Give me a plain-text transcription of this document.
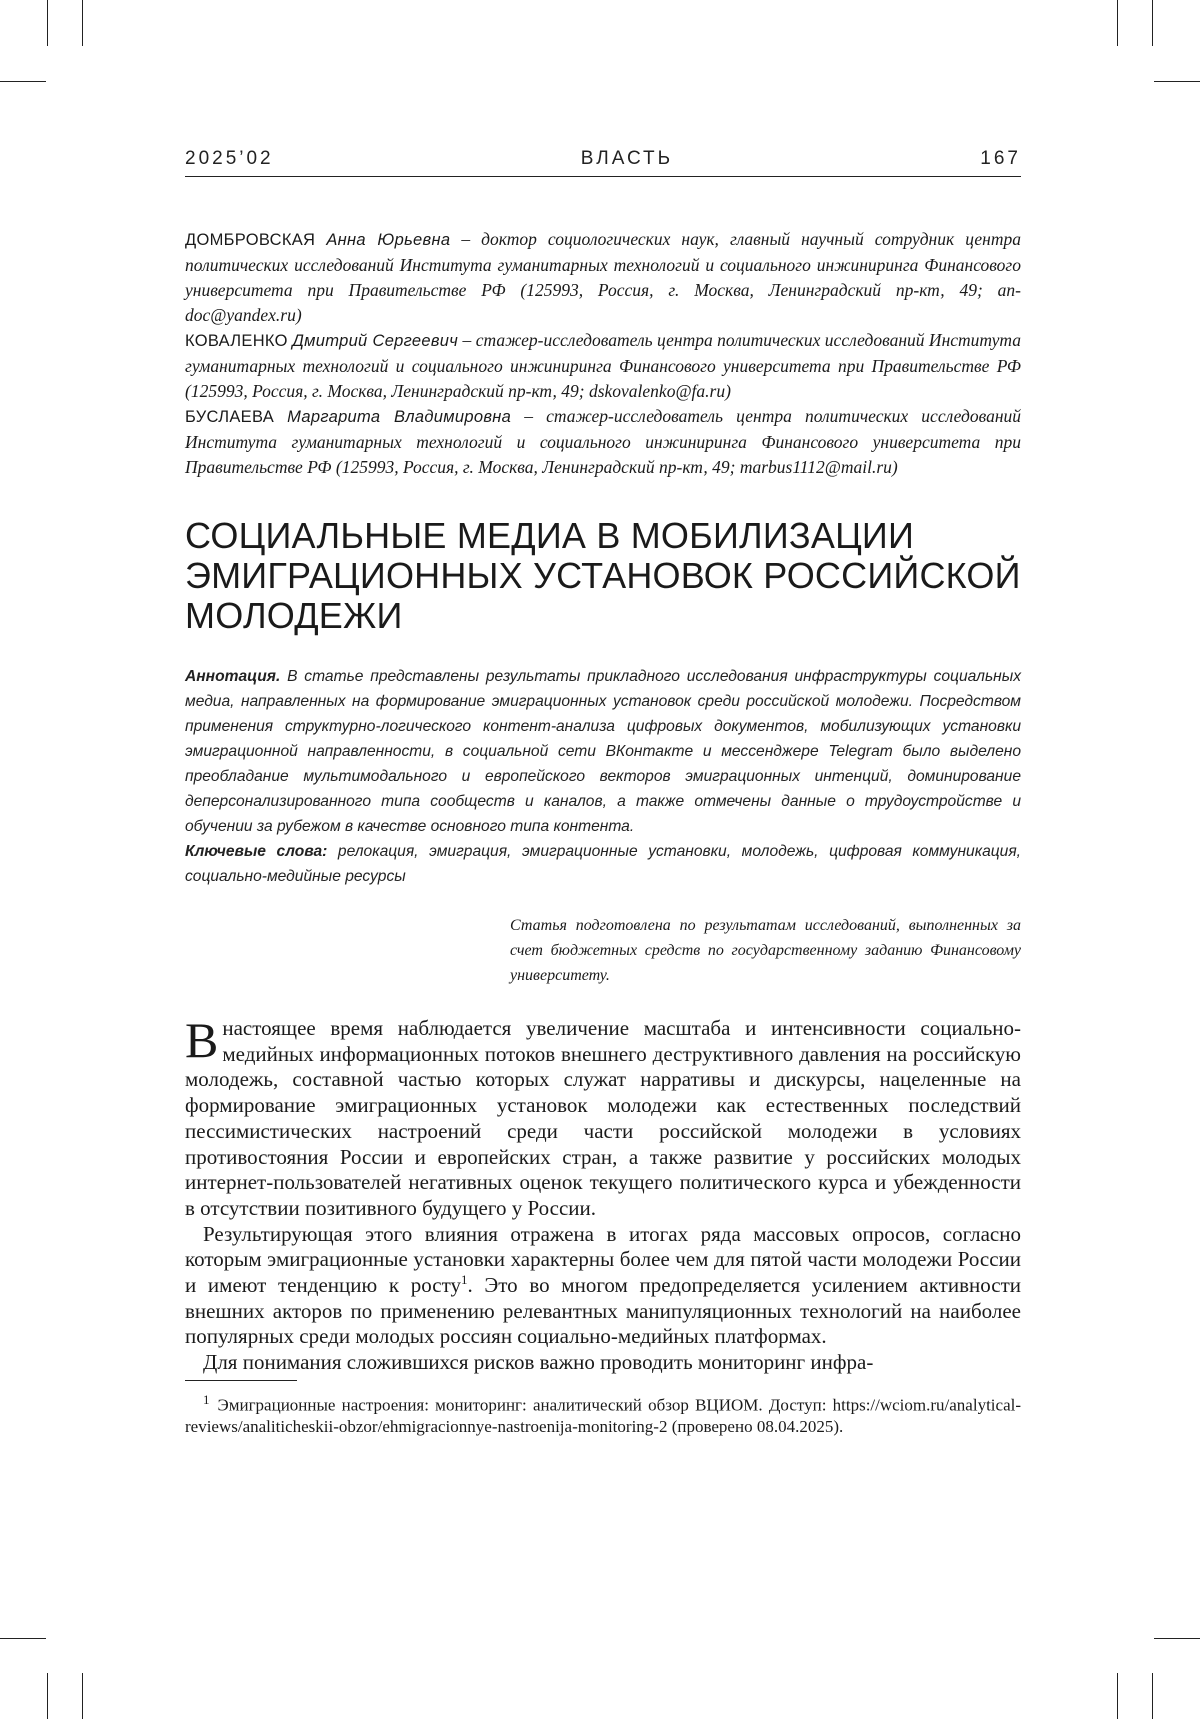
2025’02	ВЛАСТЬ	167

ДОМБРОВСКАЯ Анна Юрьевна – доктор социологических наук, главный научный сотрудник центра политических исследований Института гуманитарных технологий и социального инжиниринга Финансового университета при Правительстве РФ (125993, Россия, г. Москва, Ленинградский пр-кт, 49; an-doc@yandex.ru)

КОВАЛЕНКО Дмитрий Сергеевич – стажер-исследователь центра политических исследований Института гуманитарных технологий и социального инжиниринга Финансового университета при Правительстве РФ (125993, Россия, г. Москва, Ленинградский пр-кт, 49; dskovalenko@fa.ru)

БУСЛАЕВА Маргарита Владимировна – стажер-исследователь центра политических исследований Института гуманитарных технологий и социального инжиниринга Финансового университета при Правительстве РФ (125993, Россия, г. Москва, Ленинградский пр-кт, 49; marbus1112@mail.ru)

СОЦИАЛЬНЫЕ МЕДИА В МОБИЛИЗАЦИИ ЭМИГРАЦИОННЫХ УСТАНОВОК РОССИЙСКОЙ МОЛОДЕЖИ

Аннотация. В статье представлены результаты прикладного исследования инфраструктуры социальных медиа, направленных на формирование эмиграционных установок среди российской молодежи. Посредством применения структурно-логического контент-анализа цифровых документов, мобилизующих установки эмиграционной направленности, в социальной сети ВКонтакте и мессенджере Telegram было выделено преобладание мультимодального и европейского векторов эмиграционных интенций, доминирование деперсонализированного типа сообществ и каналов, а также отмечены данные о трудоустройстве и обучении за рубежом в качестве основного типа контента.

Ключевые слова: релокация, эмиграция, эмиграционные установки, молодежь, цифровая коммуникация, социально-медийные ресурсы

Статья подготовлена по результатам исследований, выполненных за счет бюджетных средств по государственному заданию Финансовому университету.

В настоящее время наблюдается увеличение масштаба и интенсивности социально-медийных информационных потоков внешнего деструктивного давления на российскую молодежь, составной частью которых служат нарративы и дискурсы, нацеленные на формирование эмиграционных установок молодежи как естественных последствий пессимистических настроений среди части российской молодежи в условиях противостояния России и европейских стран, а также развитие у российских молодых интернет-пользователей негативных оценок текущего политического курса и убежденности в отсутствии позитивного будущего у России.

Результирующая этого влияния отражена в итогах ряда массовых опросов, согласно которым эмиграционные установки характерны более чем для пятой части молодежи России и имеют тенденцию к росту1. Это во многом предопределяется усилением активности внешних акторов по применению релевантных манипуляционных технологий на наиболее популярных среди молодых россиян социально-медийных платформах.

Для понимания сложившихся рисков важно проводить мониторинг инфра-

1 Эмиграционные настроения: мониторинг: аналитический обзор ВЦИОМ. Доступ: https://wciom.ru/analytical-reviews/analiticheskii-obzor/ehmigracionnye-nastroenija-monitoring-2 (проверено 08.04.2025).
